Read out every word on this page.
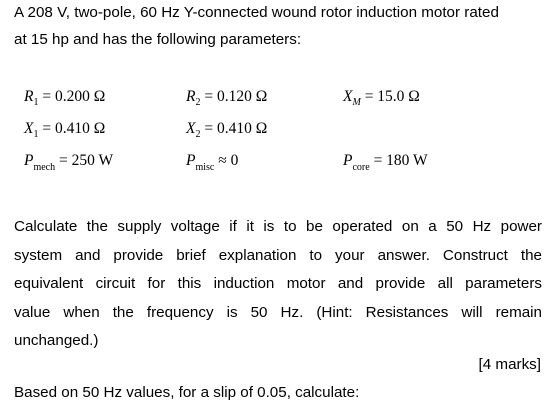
A 208 V, two-pole, 60 Hz Y-connected wound rotor induction motor rated
at 15 hp and has the following parameters:
$R_1 = 0.200$ Ω	$R_2 = 0.120$ Ω	$X_M = 15.0$ Ω
$X_1 = 0.410$ Ω	$X_2 = 0.410$ Ω
$P_{mech} = 250$ W	$P_{misc} \approx 0$	$P_{core} = 180$ W
Calculate the supply voltage if it is to be operated on a 50 Hz power
system and provide brief explanation to your answer. Construct the
equivalent circuit for this induction motor and provide all parameters
value when the frequency is 50 Hz. (Hint: Resistances will remain
unchanged.)
[4 marks]
Based on 50 Hz values, for a slip of 0.05, calculate:
